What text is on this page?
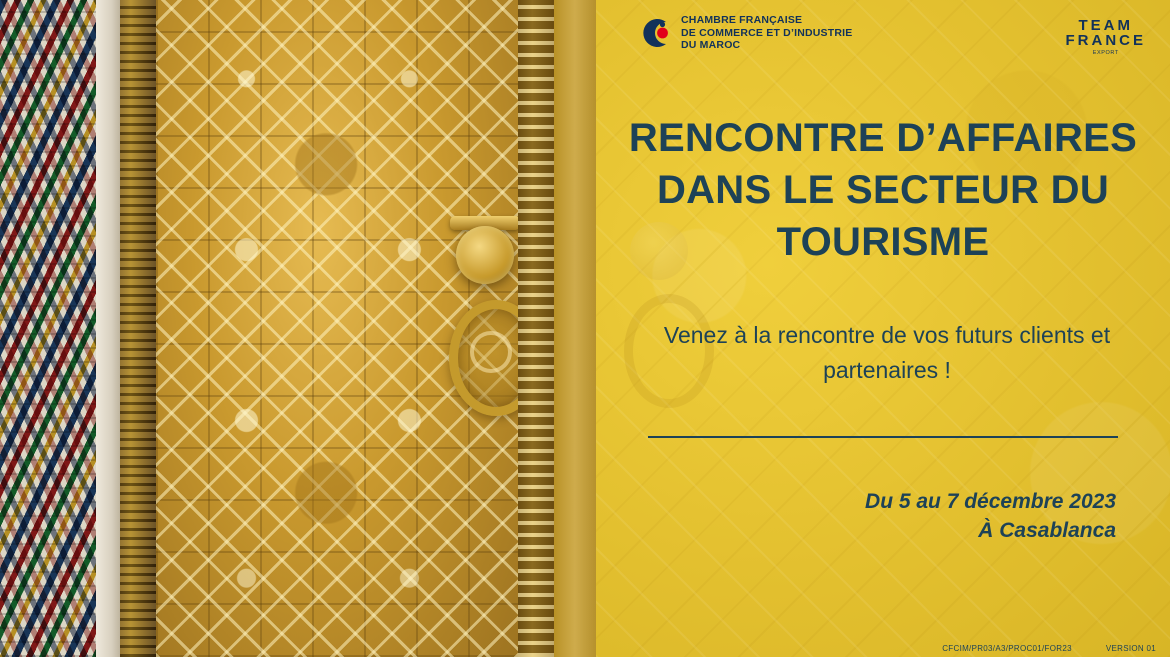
CHAMBRE FRANÇAISE
DE COMMERCE ET D’INDUSTRIE
DU MAROC
TEAM
FRANCE
EXPORT
RENCONTRE D’AFFAIRES
DANS LE SECTEUR DU
TOURISME
Venez à la rencontre de vos futurs clients et partenaires !
Du 5 au 7 décembre 2023
À Casablanca
CFCIM/PR03/A3/PROC01/FOR23	VERSION 01
